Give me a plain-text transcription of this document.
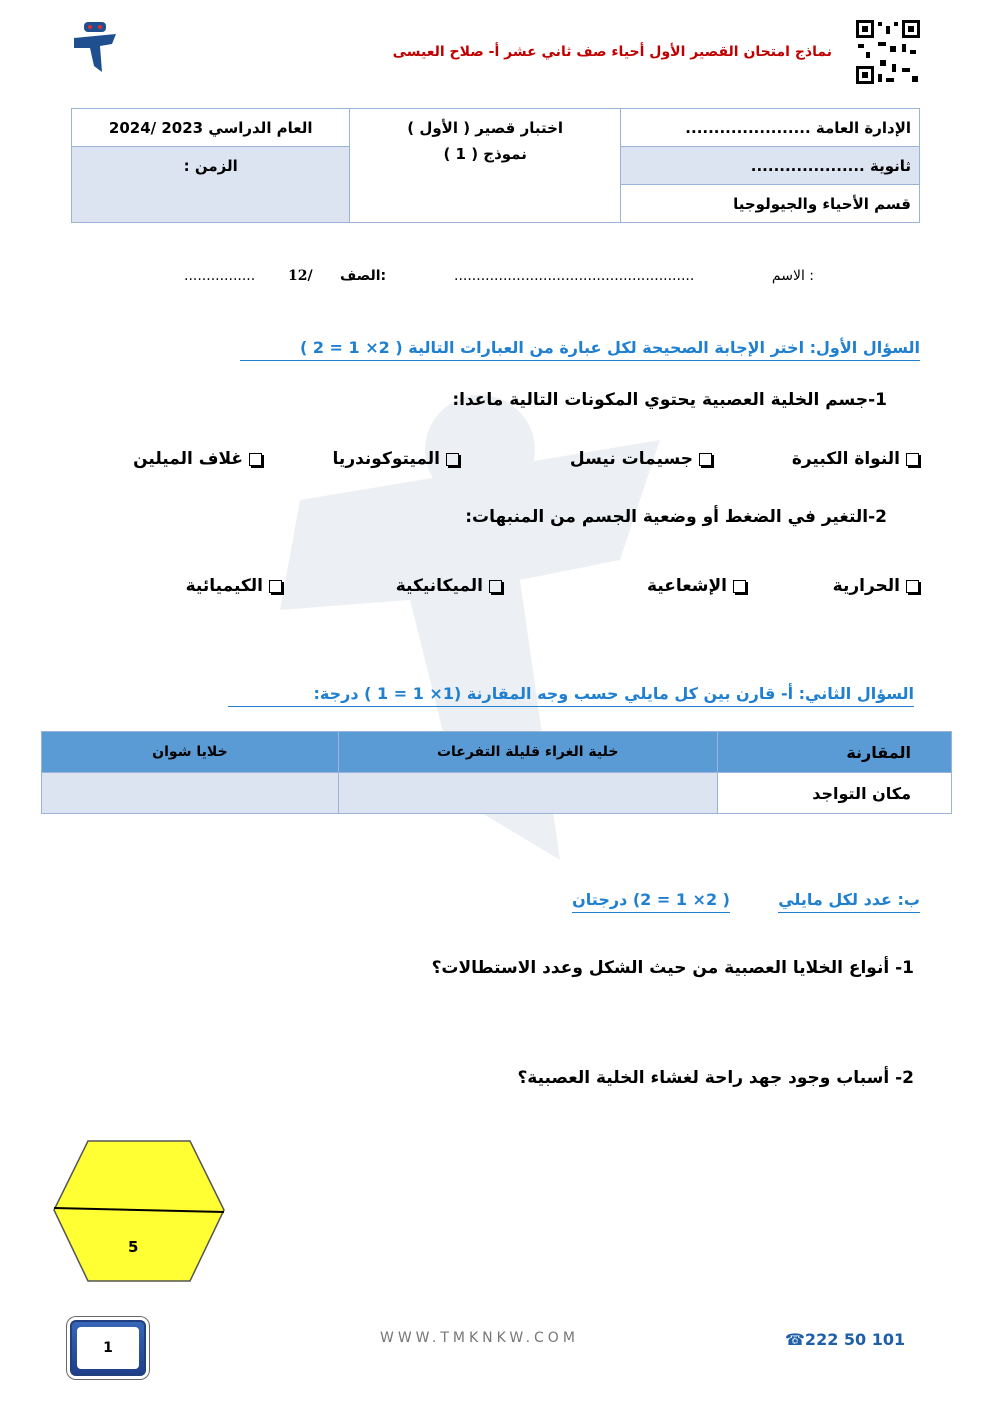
نماذج امتحان القصير الأول أحياء صف ثاني عشر أ- صلاح العيسى
الإدارة العامة ......................	اختبار قصير ( الأول )
نموذج ( 1 )	العام الدراسي 2023 /2024
ثانوية ....................		الزمن :
قسم الأحياء والجيولوجيا		
الاسم :
......................................................
الصف:
12/
................
السؤال الأول: اختر الإجابة الصحيحة لكل عبارة من العبارات التالية ( 2× 1 = 2 )
1-جسم الخلية العصبية يحتوي المكونات التالية ماعدا:
النواة الكبيرة
جسيمات نيسل
الميتوكوندريا
غلاف الميلين
2-التغير في الضغط أو وضعية الجسم من المنبهات:
الحرارية
الإشعاعية
الميكانيكية
الكيميائية
السؤال الثاني: أ- قارن بين كل مايلي حسب وجه المقارنة (1× 1 = 1 ) درجة:
خلايا شوان	خلية الغراء قليلة التفرعات	المقارنة
		مكان التواجد
ب: عدد لكل مايلي
( 2× 1 = 2) درجتان
1- أنواع الخلايا العصبية من حيث الشكل وعدد الاستطالات؟
2- أسباب وجود جهد راحة لغشاء الخلية العصبية؟
5
WWW.TMKNKW.COM	☎222 50 101
1
